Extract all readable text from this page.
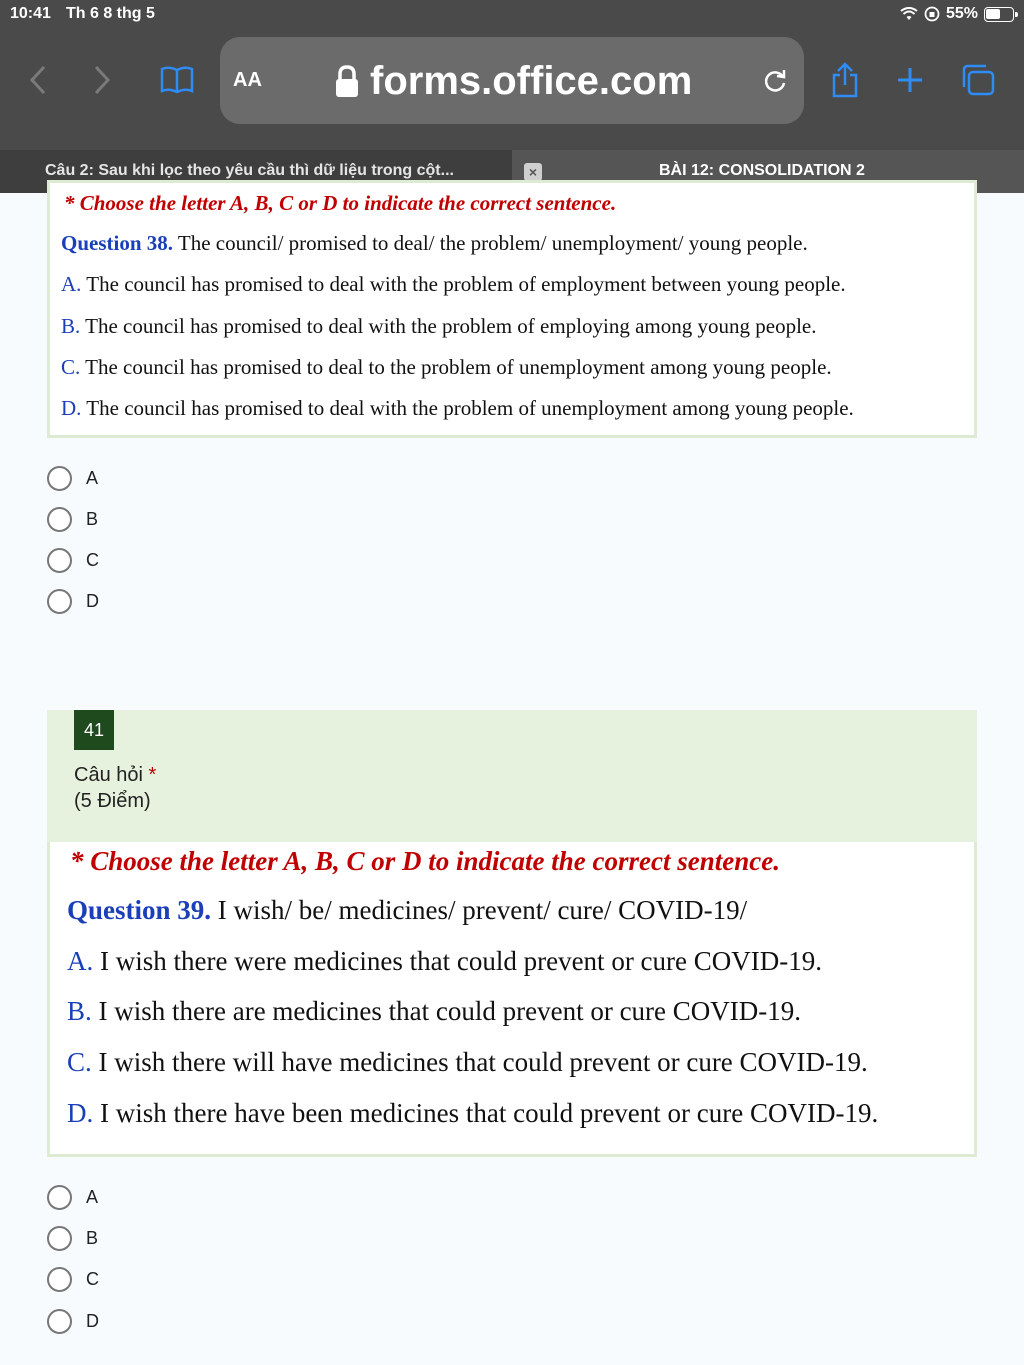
10:41 Th 6 8 thg 5	55%
AA	forms.office.com
Câu 2: Sau khi lọc theo yêu cầu thì dữ liệu trong cột...	×	BÀI 12: CONSOLIDATION 2
* Choose the letter A, B, C or D to indicate the correct sentence.
Question 38. The council/ promised to deal/ the problem/ unemployment/ young people.
A. The council has promised to deal with the problem of employment between young people.
B. The council has promised to deal with the problem of employing among young people.
C. The council has promised to deal to the problem of unemployment among young people.
D. The council has promised to deal with the problem of unemployment among young people.
A
B
C
D
41
Câu hỏi *
(5 Điểm)
* Choose the letter A, B, C or D to indicate the correct sentence.
Question 39. I wish/ be/ medicines/ prevent/ cure/ COVID-19/
A. I wish there were medicines that could prevent or cure COVID-19.
B. I wish there are medicines that could prevent or cure COVID-19.
C. I wish there will have medicines that could prevent or cure COVID-19.
D. I wish there have been medicines that could prevent or cure COVID-19.
A
B
C
D
